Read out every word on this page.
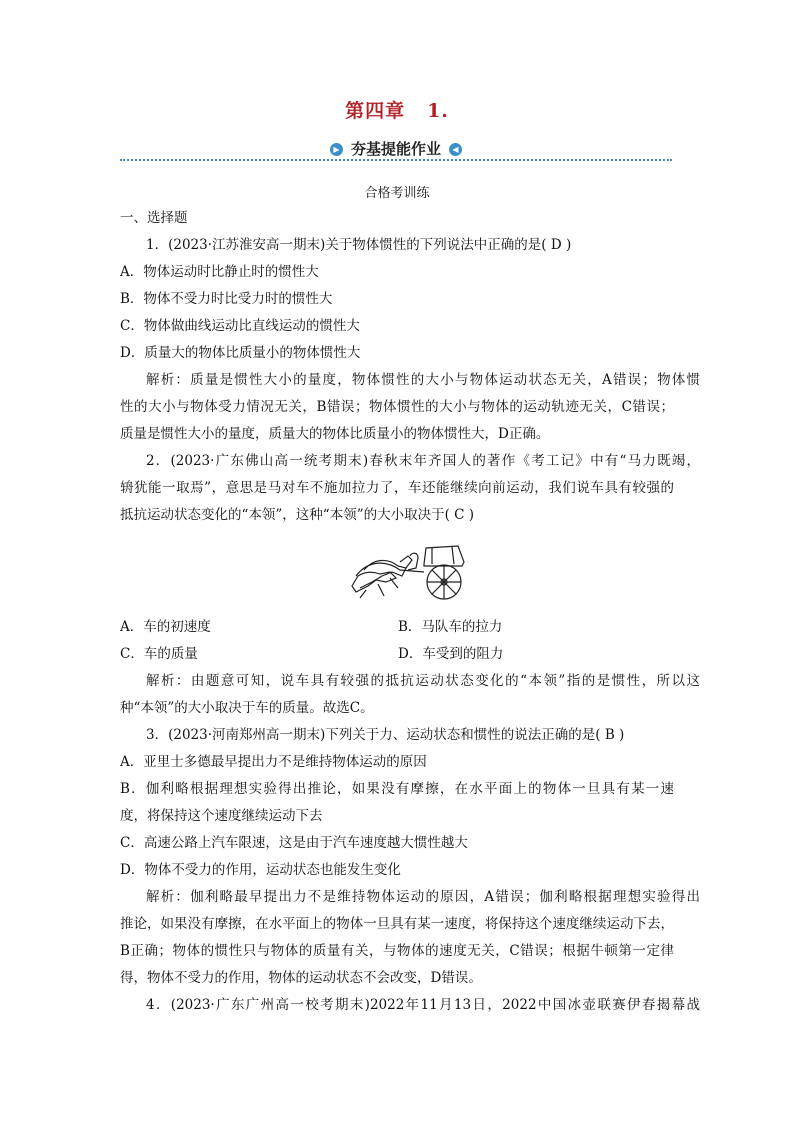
第四章 1.
▶ 夯基提能作业 ◀
合格考训练
一、选择题
1．(2023·江苏淮安高一期末)关于物体惯性的下列说法中正确的是( D )
A．物体运动时比静止时的惯性大
B．物体不受力时比受力时的惯性大
C．物体做曲线运动比直线运动的惯性大
D．质量大的物体比质量小的物体惯性大
解析：质量是惯性大小的量度，物体惯性的大小与物体运动状态无关，A错误；物体惯
性的大小与物体受力情况无关，B错误；物体惯性的大小与物体的运动轨迹无关，C错误；
质量是惯性大小的量度，质量大的物体比质量小的物体惯性大，D正确。
2．(2023·广东佛山高一统考期末)春秋末年齐国人的著作《考工记》中有“马力既竭，
辀犹能一取焉”，意思是马对车不施加拉力了，车还能继续向前运动，我们说车具有较强的
抵抗运动状态变化的“本领”，这种“本领”的大小取决于( C )
A．车的初速度	B．马队车的拉力
C．车的质量	D．车受到的阻力
解析：由题意可知，说车具有较强的抵抗运动状态变化的“本领”指的是惯性，所以这
种“本领”的大小取决于车的质量。故选C。
3．(2023·河南郑州高一期末)下列关于力、运动状态和惯性的说法正确的是( B )
A．亚里士多德最早提出力不是维持物体运动的原因
B．伽利略根据理想实验得出推论，如果没有摩擦，在水平面上的物体一旦具有某一速
度，将保持这个速度继续运动下去
C．高速公路上汽车限速，这是由于汽车速度越大惯性越大
D．物体不受力的作用，运动状态也能发生变化
解析：伽利略最早提出力不是维持物体运动的原因，A错误；伽利略根据理想实验得出
推论，如果没有摩擦，在水平面上的物体一旦具有某一速度，将保持这个速度继续运动下去，
B正确；物体的惯性只与物体的质量有关，与物体的速度无关，C错误；根据牛顿第一定律
得，物体不受力的作用，物体的运动状态不会改变，D错误。
4．(2023·广东广州高一校考期末)2022年11月13日，2022中国冰壶联赛伊春揭幕战
